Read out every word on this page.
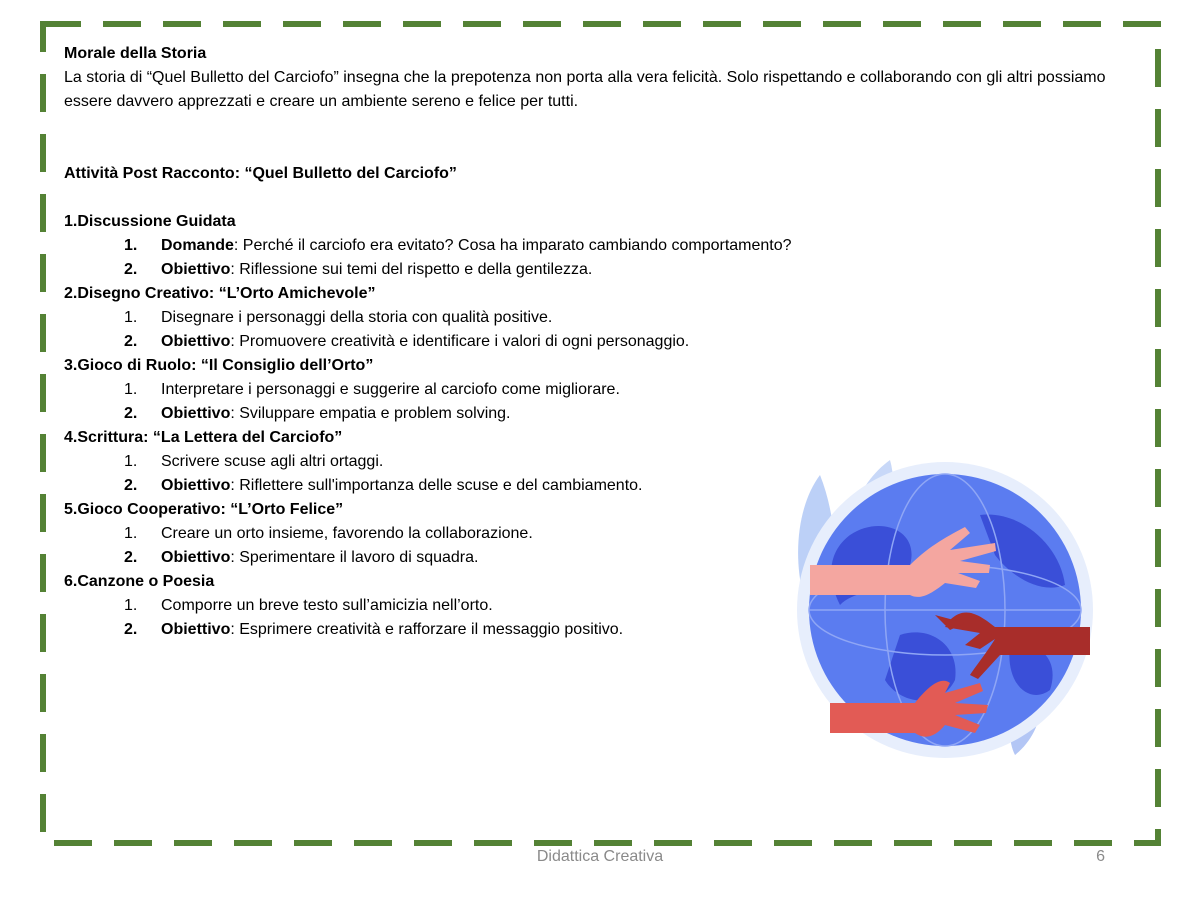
Morale della Storia

La storia di “Quel Bulletto del Carciofo” insegna che la prepotenza non porta alla vera felicità. Solo rispettando e collaborando con gli altri possiamo essere davvero apprezzati e creare un ambiente sereno e felice per tutti.

Attività Post Racconto: “Quel Bulletto del Carciofo”

1.Discussione Guidata

1.	Domande: Perché il carciofo era evitato? Cosa ha imparato cambiando comportamento?
2.	Obiettivo: Riflessione sui temi del rispetto e della gentilezza.

2.Disegno Creativo: “L’Orto Amichevole”

1.	Disegnare i personaggi della storia con qualità positive.
2.	Obiettivo: Promuovere creatività e identificare i valori di ogni personaggio.

3.Gioco di Ruolo: “Il Consiglio dell’Orto”

1.	Interpretare i personaggi e suggerire al carciofo come migliorare.
2.	Obiettivo: Sviluppare empatia e problem solving.

4.Scrittura: “La Lettera del Carciofo”

1.	Scrivere scuse agli altri ortaggi.
2.	Obiettivo: Riflettere sull'importanza delle scuse e del cambiamento.

5.Gioco Cooperativo: “L’Orto Felice”

1.	Creare un orto insieme, favorendo la collaborazione.
2.	Obiettivo: Sperimentare il lavoro di squadra.

6.Canzone o Poesia

1.	Comporre un breve testo sull’amicizia nell’orto.
2.	Obiettivo: Esprimere creatività e rafforzare il messaggio positivo.
Didattica Creativa	6
